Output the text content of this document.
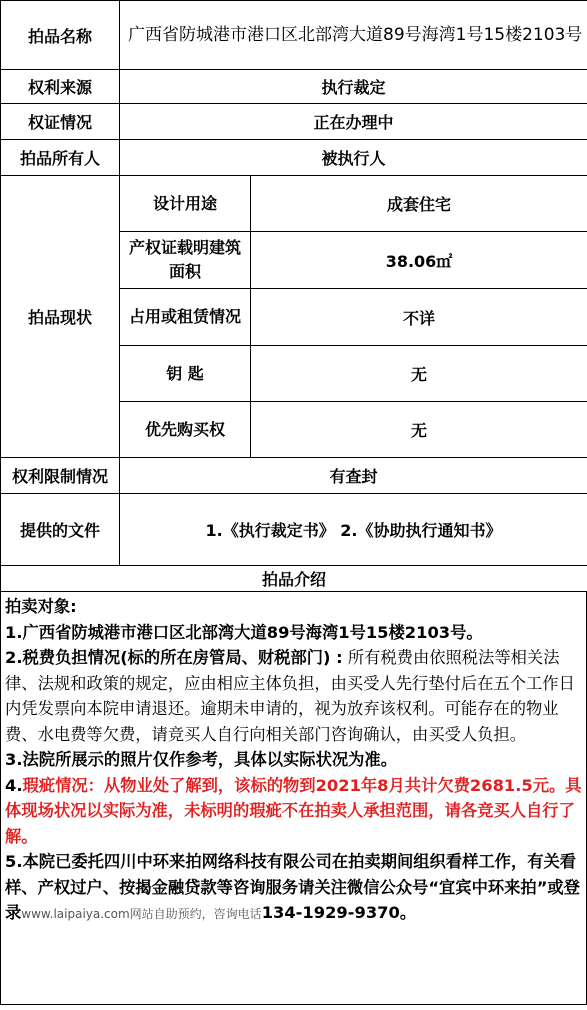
拍品名称	广西省防城港市港口区北部湾大道89号海湾1号15楼2103号	
权利来源	执行裁定	
权证情况	正在办理中	
拍品所有人	被执行人	
拍品现状	设计用途	成套住宅
	产权证载明建筑面积	38.06㎡
	占用或租赁情况	不详
	钥 匙	无
	优先购买权	无
权利限制情况	有查封	
提供的文件	1.《执行裁定书》 2.《协助执行通知书》	
拍品介绍		

拍卖对象:

1.广西省防城港市港口区北部湾大道89号海湾1号15楼2103号。

2.税费负担情况(标的所在房管局、财税部门) : 所有税费由依照税法等相关法律、法规和政策的规定，应由相应主体负担，由买受人先行垫付后在五个工作日内凭发票向本院申请退还。逾期未申请的，视为放弃该权利。可能存在的物业费、水电费等欠费，请竞买人自行向相关部门咨询确认，由买受人负担。

3.法院所展示的照片仅作参考，具体以实际状况为准。

4.瑕疵情况：从物业处了解到，该标的物到2021年8月共计欠费2681.5元。具体现场状况以实际为准，未标明的瑕疵不在拍卖人承担范围，请各竞买人自行了解。

5.本院已委托四川中环来拍网络科技有限公司在拍卖期间组织看样工作，有关看样、产权过户、按揭金融贷款等咨询服务请关注微信公众号“宜宾中环来拍”或登录www.laipaiya.com网站自助预约，咨询电话134-1929-9370。
